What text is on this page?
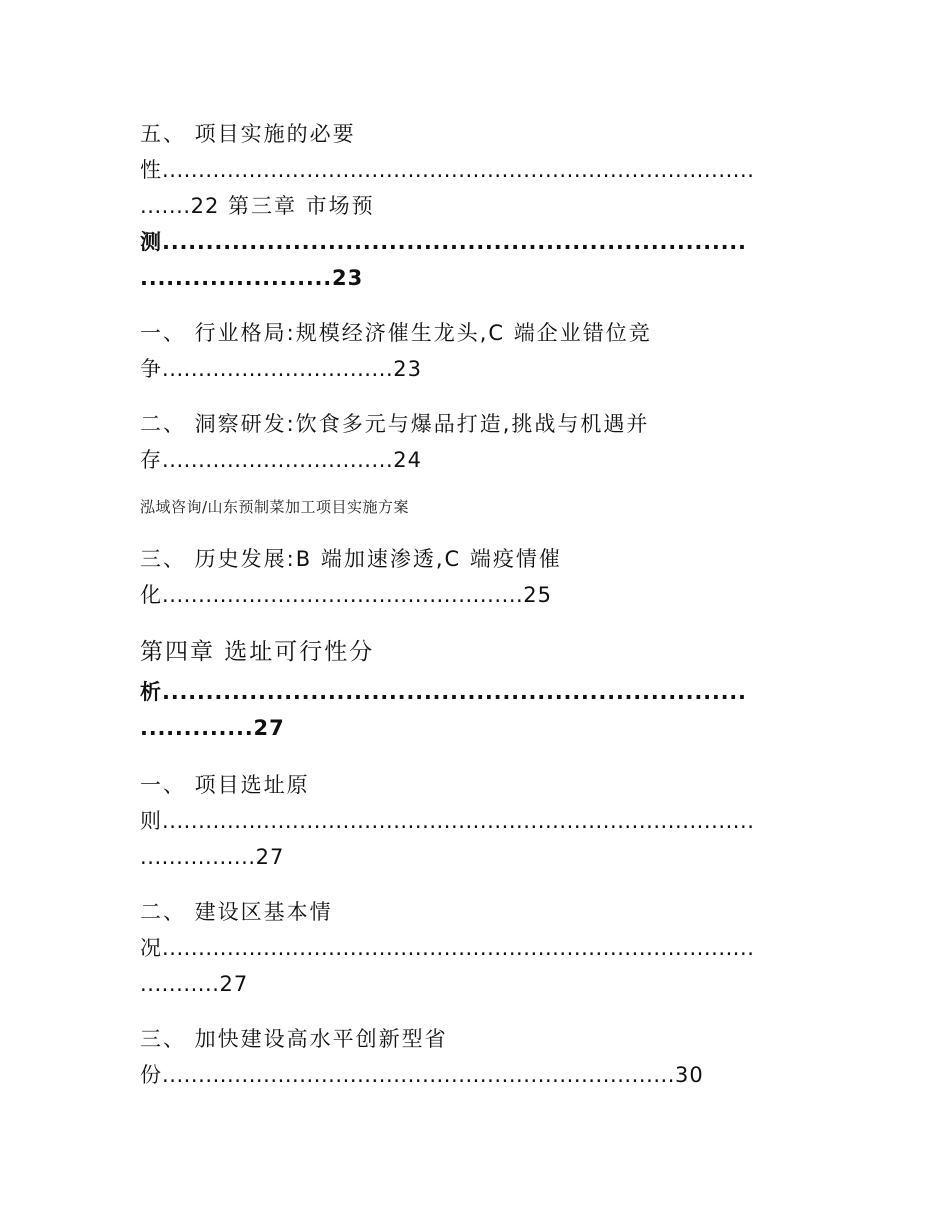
五、 项目实施的必要
性..................................................................................
.......22 第三章 市场预
测...................................................................
......................23
一、 行业格局:规模经济催生龙头,C 端企业错位竞
争................................23
二、 洞察研发:饮食多元与爆品打造,挑战与机遇并
存................................24
泓域咨询/山东预制菜加工项目实施方案
三、 历史发展:B 端加速渗透,C 端疫情催
化..................................................25
第四章 选址可行性分
析...................................................................
.............27
一、 项目选址原
则..................................................................................
................27
二、 建设区基本情
况..................................................................................
...........27
三、 加快建设高水平创新型省
份.......................................................................30
